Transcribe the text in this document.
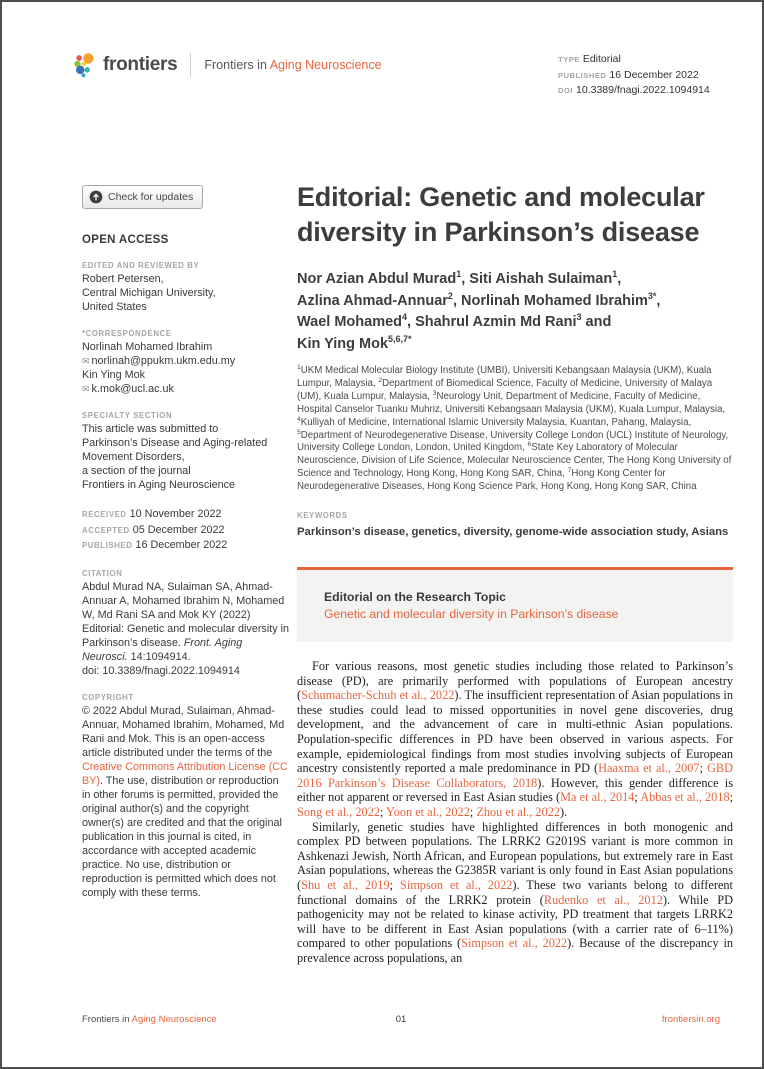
frontiers Frontiers in Aging Neuroscience	TYPE Editorial
PUBLISHED 16 December 2022
DOI 10.3389/fnagi.2022.1094914
Check for updates
OPEN ACCESS
EDITED AND REVIEWED BY
Robert Petersen,
Central Michigan University,
United States
*CORRESPONDENCE
Norlinah Mohamed Ibrahim
✉ norlinah@ppukm.ukm.edu.my
Kin Ying Mok
✉ k.mok@ucl.ac.uk
SPECIALTY SECTION
This article was submitted to
Parkinson’s Disease and Aging-related
Movement Disorders,
a section of the journal
Frontiers in Aging Neuroscience
RECEIVED 10 November 2022
ACCEPTED 05 December 2022
PUBLISHED 16 December 2022
CITATION
Abdul Murad NA, Sulaiman SA, Ahmad-Annuar A, Mohamed Ibrahim N, Mohamed W, Md Rani SA and Mok KY (2022) Editorial: Genetic and molecular diversity in Parkinson’s disease. Front. Aging Neurosci. 14:1094914.
doi: 10.3389/fnagi.2022.1094914
COPYRIGHT
© 2022 Abdul Murad, Sulaiman, Ahmad-Annuar, Mohamed Ibrahim, Mohamed, Md Rani and Mok. This is an open-access article distributed under the terms of the Creative Commons Attribution License (CC BY). The use, distribution or reproduction in other forums is permitted, provided the original author(s) and the copyright owner(s) are credited and that the original publication in this journal is cited, in accordance with accepted academic practice. No use, distribution or reproduction is permitted which does not comply with these terms.
Editorial: Genetic and molecular
diversity in Parkinson’s disease
Nor Azian Abdul Murad$^1$, Siti Aishah Sulaiman$^1$,
Azlina Ahmad-Annuar$^2$, Norlinah Mohamed Ibrahim$^{3*}$,
Wael Mohamed$^4$, Shahrul Azmin Md Rani$^3$ and
Kin Ying Mok$^{5,6,7*}$
$^1$UKM Medical Molecular Biology Institute (UMBI), Universiti Kebangsaan Malaysia (UKM), Kuala Lumpur, Malaysia, $^2$Department of Biomedical Science, Faculty of Medicine, University of Malaya (UM), Kuala Lumpur, Malaysia, $^3$Neurology Unit, Department of Medicine, Faculty of Medicine, Hospital Canselor Tuanku Muhriz, Universiti Kebangsaan Malaysia (UKM), Kuala Lumpur, Malaysia, $^4$Kulliyah of Medicine, International Islamic University Malaysia, Kuantan, Pahang, Malaysia, $^5$Department of Neurodegenerative Disease, University College London (UCL) Institute of Neurology, University College London, London, United Kingdom, $^6$State Key Laboratory of Molecular Neuroscience, Division of Life Science, Molecular Neuroscience Center, The Hong Kong University of Science and Technology, Hong Kong, Hong Kong SAR, China, $^7$Hong Kong Center for Neurodegenerative Diseases, Hong Kong Science Park, Hong Kong, Hong Kong SAR, China
KEYWORDS
Parkinson’s disease, genetics, diversity, genome-wide association study, Asians
Editorial on the Research Topic
Genetic and molecular diversity in Parkinson’s disease

For various reasons, most genetic studies including those related to Parkinson’s disease (PD), are primarily performed with populations of European ancestry (Schumacher-Schuh et al., 2022). The insufficient representation of Asian populations in these studies could lead to missed opportunities in novel gene discoveries, drug development, and the advancement of care in multi-ethnic Asian populations. Population-specific differences in PD have been observed in various aspects. For example, epidemiological findings from most studies involving subjects of European ancestry consistently reported a male predominance in PD (Haaxma et al., 2007; GBD 2016 Parkinson’s Disease Collaborators, 2018). However, this gender difference is either not apparent or reversed in East Asian studies (Ma et al., 2014; Abbas et al., 2018; Song et al., 2022; Yoon et al., 2022; Zhou et al., 2022).

Similarly, genetic studies have highlighted differences in both monogenic and complex PD between populations. The LRRK2 G2019S variant is more common in Ashkenazi Jewish, North African, and European populations, but extremely rare in East Asian populations, whereas the G2385R variant is only found in East Asian populations (Shu et al., 2019; Simpson et al., 2022). These two variants belong to different functional domains of the LRRK2 protein (Rudenko et al., 2012). While PD pathogenicity may not be related to kinase activity, PD treatment that targets LRRK2 will have to be different in East Asian populations (with a carrier rate of 6–11%) compared to other populations (Simpson et al., 2022). Because of the discrepancy in prevalence across populations, an

Frontiers in Aging Neuroscience	01	frontiersin.org
